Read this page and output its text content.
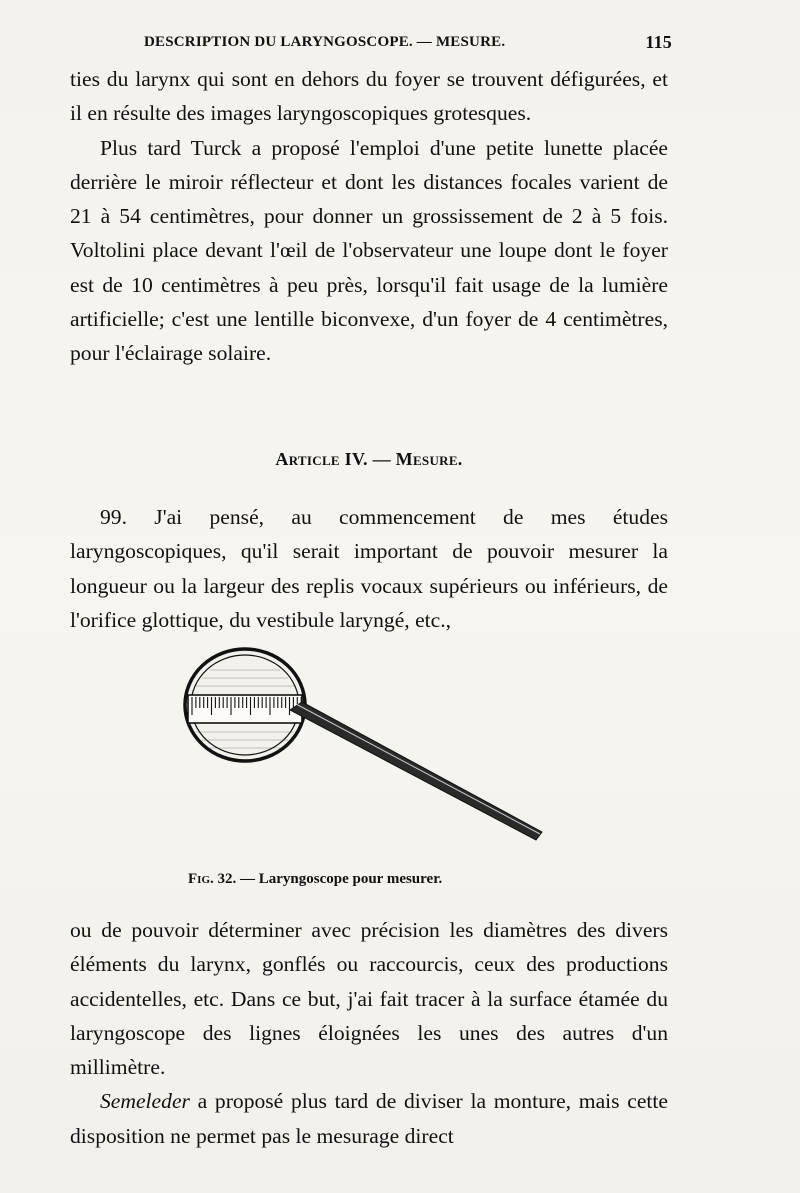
DESCRIPTION DU LARYNGOSCOPE. — MESURE.	115

ties du larynx qui sont en dehors du foyer se trouvent défigurées, et il en résulte des images laryngoscopiques grotesques.

Plus tard Turck a proposé l'emploi d'une petite lunette placée derrière le miroir réflecteur et dont les distances focales varient de 21 à 54 centimètres, pour donner un grossissement de 2 à 5 fois. Voltolini place devant l'œil de l'observateur une loupe dont le foyer est de 10 centimètres à peu près, lorsqu'il fait usage de la lumière artificielle; c'est une lentille biconvexe, d'un foyer de 4 centimètres, pour l'éclairage solaire.

Article IV. — Mesure.

99. J'ai pensé, au commencement de mes études laryngoscopiques, qu'il serait important de pouvoir mesurer la longueur ou la largeur des replis vocaux supérieurs ou inférieurs, de l'orifice glottique, du vestibule laryngé, etc.,

Fig. 32. — Laryngoscope pour mesurer.

ou de pouvoir déterminer avec précision les diamètres des divers éléments du larynx, gonflés ou raccourcis, ceux des productions accidentelles, etc. Dans ce but, j'ai fait tracer à la surface étamée du laryngoscope des lignes éloignées les unes des autres d'un millimètre.

Semeleder a proposé plus tard de diviser la monture, mais cette disposition ne permet pas le mesurage direct
